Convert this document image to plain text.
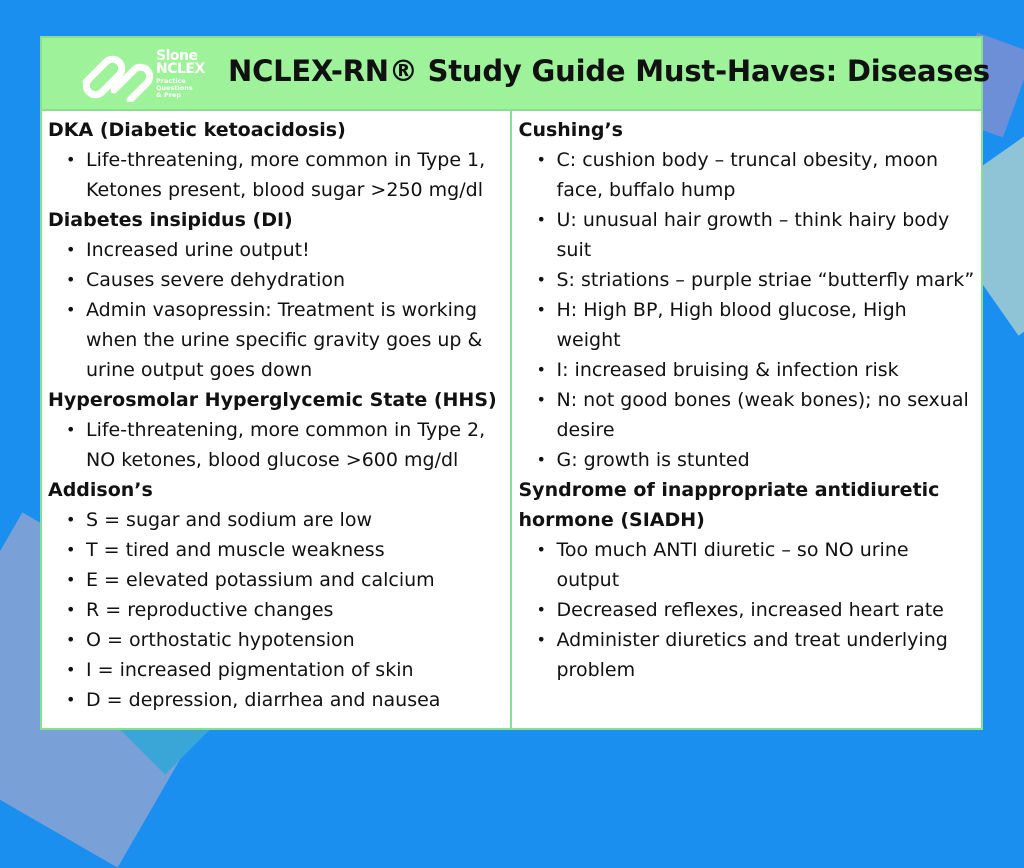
Slone
NCLEX
Practice
Questions
& Prep
NCLEX-RN® Study Guide Must-Haves: Diseases

DKA (Diabetic ketoacidosis)

• Life-threatening, more common in Type 1, Ketones present, blood sugar >250 mg/dl

Diabetes insipidus (DI)

• Increased urine output!
• Causes severe dehydration
• Admin vasopressin: Treatment is working when the urine specific gravity goes up & urine output goes down

Hyperosmolar Hyperglycemic State (HHS)

• Life-threatening, more common in Type 2, NO ketones, blood glucose >600 mg/dl

Addison’s

• S = sugar and sodium are low
• T = tired and muscle weakness
• E = elevated potassium and calcium
• R = reproductive changes
• O = orthostatic hypotension
• I = increased pigmentation of skin
• D = depression, diarrhea and nausea

Cushing’s

• C: cushion body – truncal obesity, moon face, buffalo hump
• U: unusual hair growth – think hairy body suit
• S: striations – purple striae “butterfly mark”
• H: High BP, High blood glucose, High weight
• I: increased bruising & infection risk
• N: not good bones (weak bones); no sexual desire
• G: growth is stunted

Syndrome of inappropriate antidiuretic hormone (SIADH)

• Too much ANTI diuretic – so NO urine output
• Decreased reflexes, increased heart rate
• Administer diuretics and treat underlying problem
